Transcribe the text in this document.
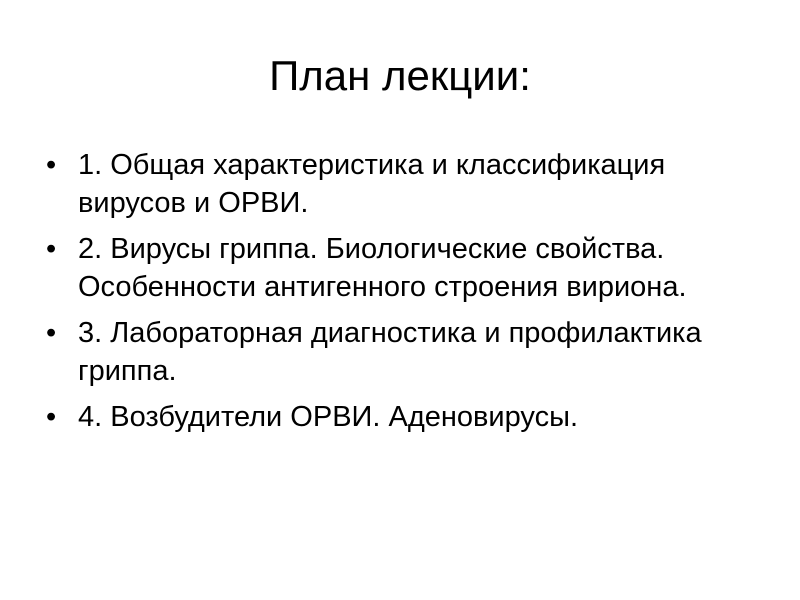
План лекции:
• 1. Общая характеристика и классификация вирусов и ОРВИ.
• 2. Вирусы гриппа. Биологические свойства. Особенности антигенного строения вириона.
• 3. Лабораторная диагностика и профилактика гриппа.
• 4. Возбудители ОРВИ. Аденовирусы.
